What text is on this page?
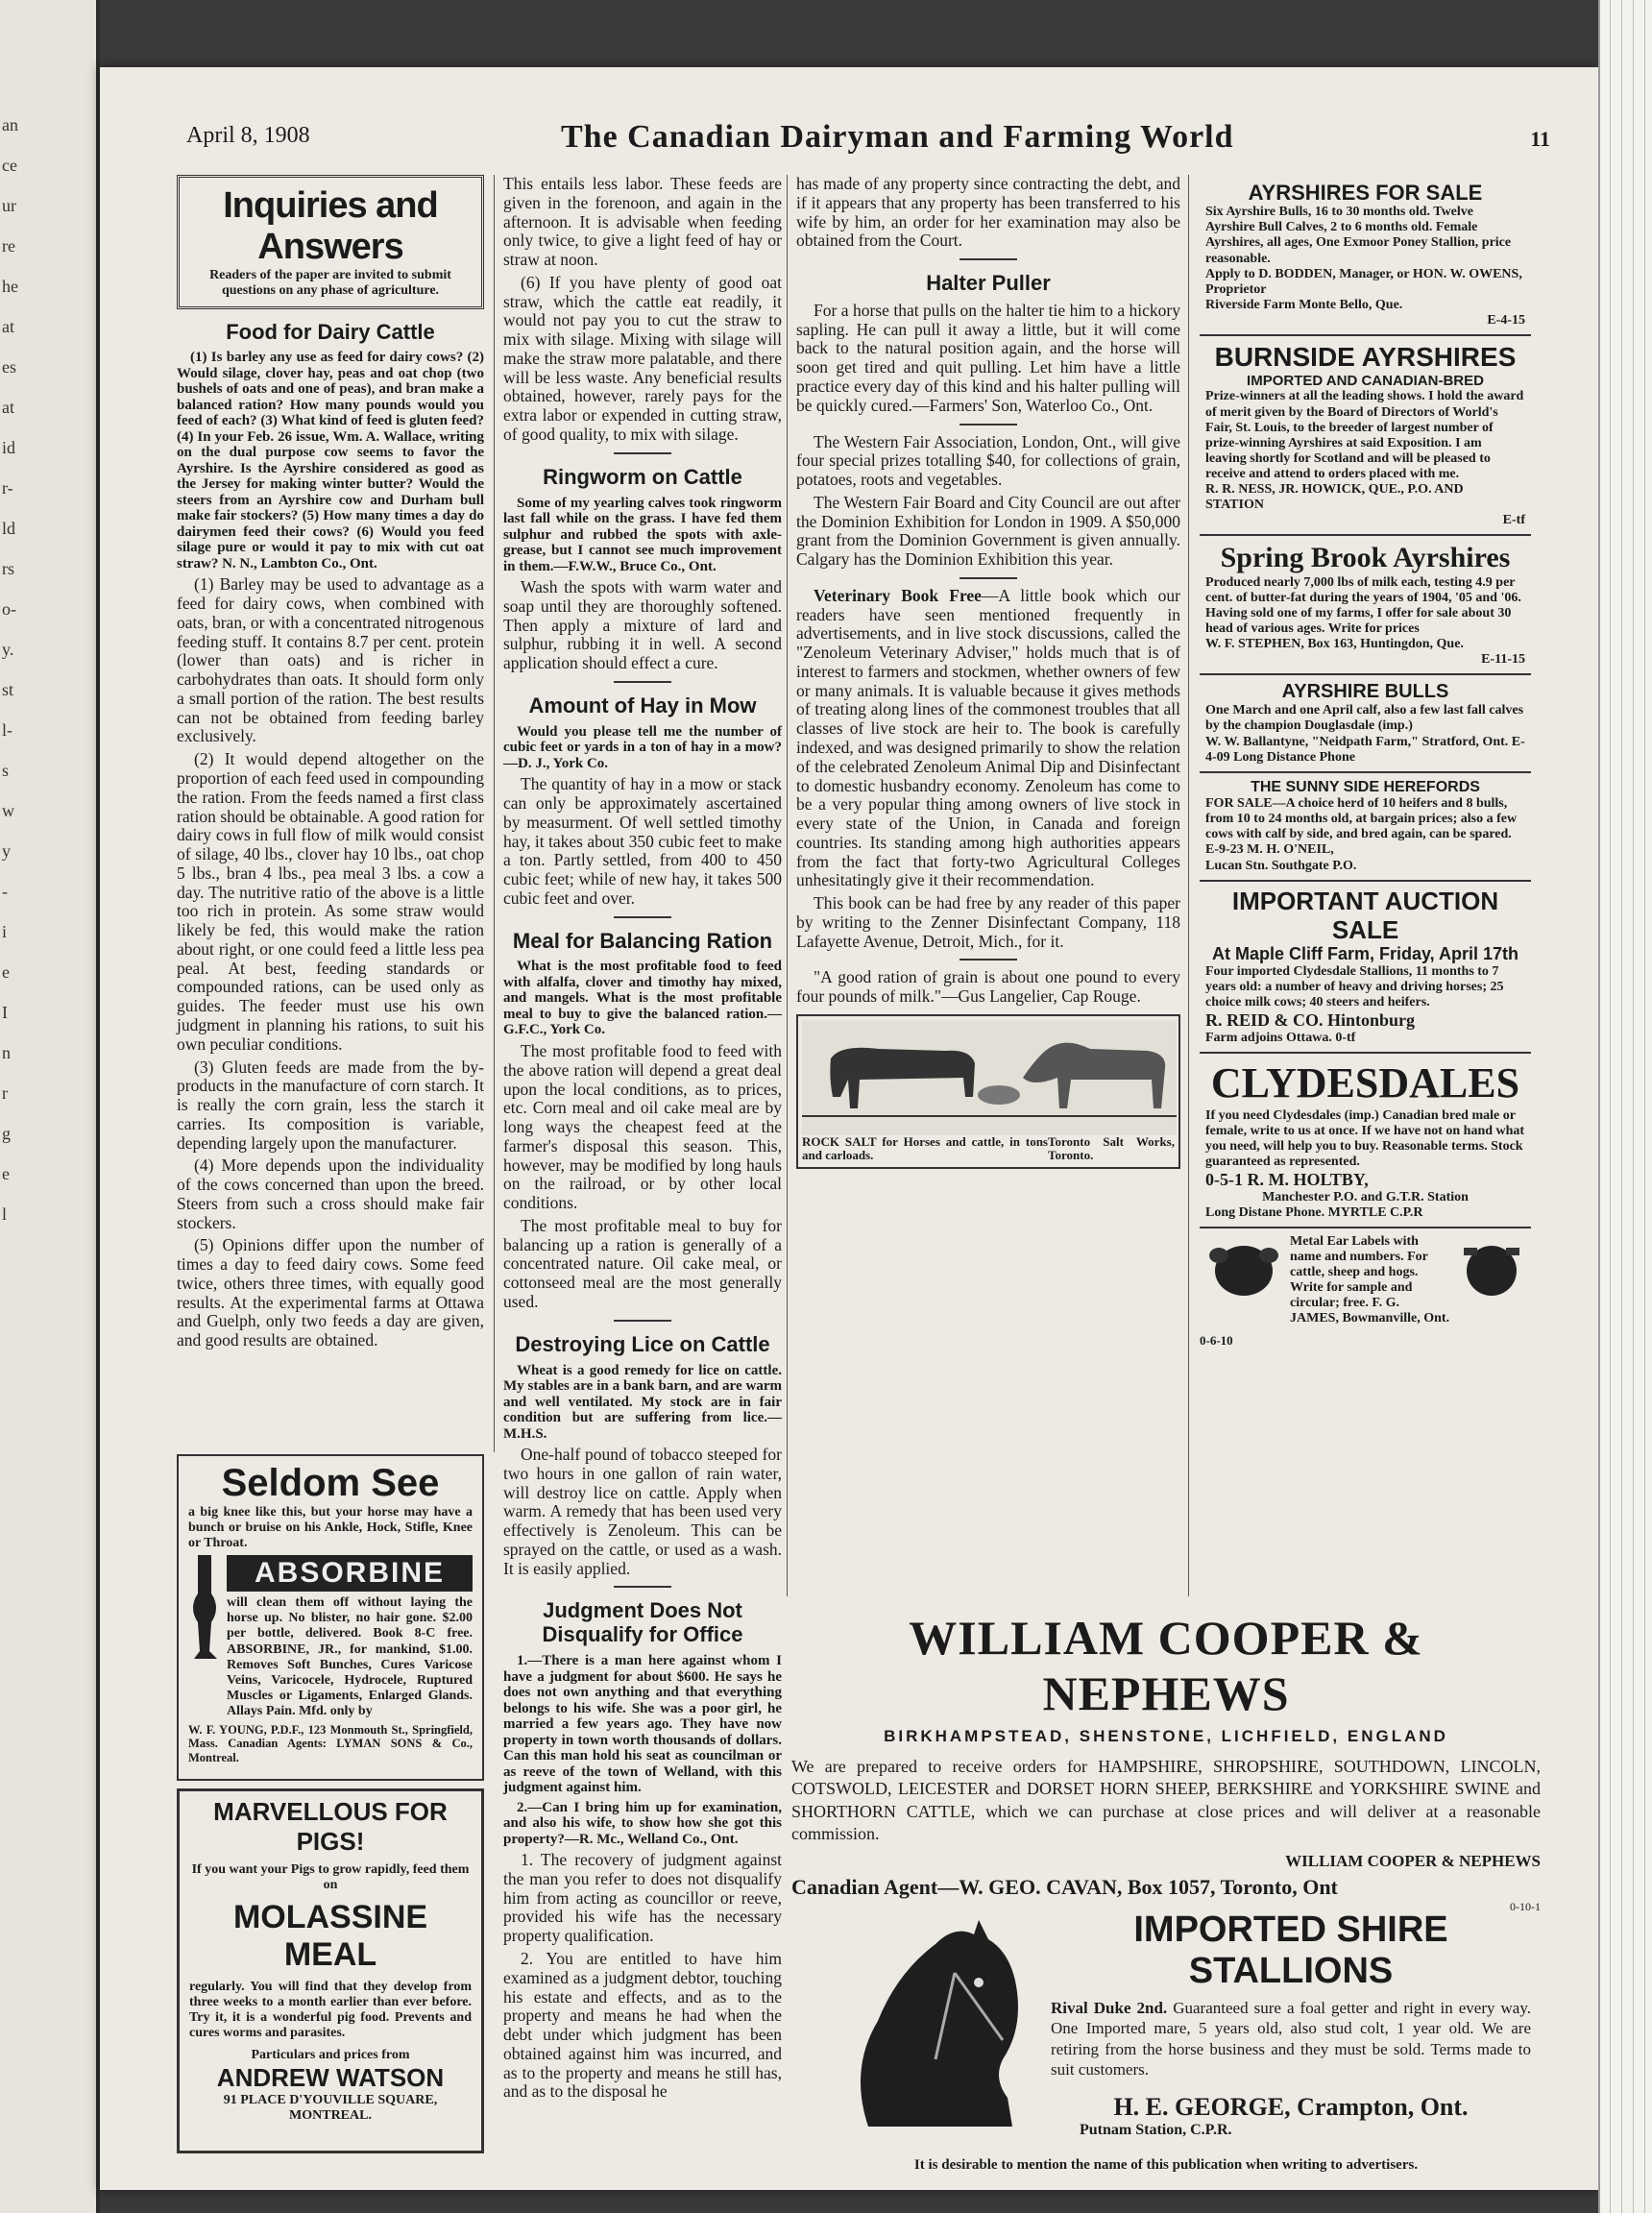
an
ce
ur
re
he
at
es
at
id
r-
ld
rs
o-
y.
st
l-
s
w
y
-
i
e
I
n
r
g
e
l
April 8, 1908	The Canadian Dairyman and Farming World	11
Inquiries and Answers
Readers of the paper are invited to submit questions on any phase of agriculture.
Food for Dairy Cattle

(1) Is barley any use as feed for dairy cows? (2) Would silage, clover hay, peas and oat chop (two bushels of oats and one of peas), and bran make a balanced ration? How many pounds would you feed of each? (3) What kind of feed is gluten feed? (4) In your Feb. 26 issue, Wm. A. Wallace, writing on the dual purpose cow seems to favor the Ayrshire. Is the Ayrshire considered as good as the Jersey for making winter butter? Would the steers from an Ayrshire cow and Durham bull make fair stockers? (5) How many times a day do dairymen feed their cows? (6) Would you feed silage pure or would it pay to mix with cut oat straw? N. N., Lambton Co., Ont.

(1) Barley may be used to advantage as a feed for dairy cows, when combined with oats, bran, or with a concentrated nitrogenous feeding stuff. It contains 8.7 per cent. protein (lower than oats) and is richer in carbohydrates than oats. It should form only a small portion of the ration. The best results can not be obtained from feeding barley exclusively.

(2) It would depend altogether on the proportion of each feed used in compounding the ration. From the feeds named a first class ration should be obtainable. A good ration for dairy cows in full flow of milk would consist of silage, 40 lbs., clover hay 10 lbs., oat chop 5 lbs., bran 4 lbs., pea meal 3 lbs. a cow a day. The nutritive ratio of the above is a little too rich in protein. As some straw would likely be fed, this would make the ration about right, or one could feed a little less pea peal. At best, feeding standards or compounded rations, can be used only as guides. The feeder must use his own judgment in planning his rations, to suit his own peculiar conditions.

(3) Gluten feeds are made from the by-products in the manufacture of corn starch. It is really the corn grain, less the starch it carries. Its composition is variable, depending largely upon the manufacturer.

(4) More depends upon the individuality of the cows concerned than upon the breed. Steers from such a cross should make fair stockers.

(5) Opinions differ upon the number of times a day to feed dairy cows. Some feed twice, others three times, with equally good results. At the experimental farms at Ottawa and Guelph, only two feeds a day are given, and good results are obtained.

Seldom See
a big knee like this, but your horse may have a bunch or bruise on his Ankle, Hock, Stifle, Knee or Throat.
ABSORBINE
will clean them off without laying the horse up. No blister, no hair gone. $2.00 per bottle, delivered. Book 8-C free. ABSORBINE, JR., for mankind, $1.00. Removes Soft Bunches, Cures Varicose Veins, Varicocele, Hydrocele, Ruptured Muscles or Ligaments, Enlarged Glands. Allays Pain. Mfd. only by
W. F. YOUNG, P.D.F., 123 Monmouth St., Springfield, Mass. Canadian Agents: LYMAN SONS & Co., Montreal.
MARVELLOUS FOR PIGS!
If you want your Pigs to grow rapidly, feed them on
MOLASSINE MEAL
regularly. You will find that they develop from three weeks to a month earlier than ever before. Try it, it is a wonderful pig food. Prevents and cures worms and parasites.
Particulars and prices from
ANDREW WATSON
91 PLACE D'YOUVILLE SQUARE, MONTREAL.

This entails less labor. These feeds are given in the forenoon, and again in the afternoon. It is advisable when feeding only twice, to give a light feed of hay or straw at noon.

(6) If you have plenty of good oat straw, which the cattle eat readily, it would not pay you to cut the straw to mix with silage. Mixing with silage will make the straw more palatable, and there will be less waste. Any beneficial results obtained, however, rarely pays for the extra labor or expended in cutting straw, of good quality, to mix with silage.

Ringworm on Cattle

Some of my yearling calves took ringworm last fall while on the grass. I have fed them sulphur and rubbed the spots with axle-grease, but I cannot see much improvement in them.—F.W.W., Bruce Co., Ont.

Wash the spots with warm water and soap until they are thoroughly softened. Then apply a mixture of lard and sulphur, rubbing it in well. A second application should effect a cure.

Amount of Hay in Mow

Would you please tell me the number of cubic feet or yards in a ton of hay in a mow?—D. J., York Co.

The quantity of hay in a mow or stack can only be approximately ascertained by measurment. Of well settled timothy hay, it takes about 350 cubic feet to make a ton. Partly settled, from 400 to 450 cubic feet; while of new hay, it takes 500 cubic feet and over.

Meal for Balancing Ration

What is the most profitable food to feed with alfalfa, clover and timothy hay mixed, and mangels. What is the most profitable meal to buy to give the balanced ration.—G.F.C., York Co.

The most profitable food to feed with the above ration will depend a great deal upon the local conditions, as to prices, etc. Corn meal and oil cake meal are by long ways the cheapest feed at the farmer's disposal this season. This, however, may be modified by long hauls on the railroad, or by other local conditions.

The most profitable meal to buy for balancing up a ration is generally of a concentrated nature. Oil cake meal, or cottonseed meal are the most generally used.

Destroying Lice on Cattle

Wheat is a good remedy for lice on cattle. My stables are in a bank barn, and are warm and well ventilated. My stock are in fair condition but are suffering from lice.—M.H.S.

One-half pound of tobacco steeped for two hours in one gallon of rain water, will destroy lice on cattle. Apply when warm. A remedy that has been used very effectively is Zenoleum. This can be sprayed on the cattle, or used as a wash. It is easily applied.

Judgment Does Not Disqualify for Office

1.—There is a man here against whom I have a judgment for about $600. He says he does not own anything and that everything belongs to his wife. She was a poor girl, he married a few years ago. They have now property in town worth thousands of dollars. Can this man hold his seat as councilman or as reeve of the town of Welland, with this judgment against him.

2.—Can I bring him up for examination, and also his wife, to show how she got this property?—R. Mc., Welland Co., Ont.

1. The recovery of judgment against the man you refer to does not disqualify him from acting as councillor or reeve, provided his wife has the necessary property qualification.

2. You are entitled to have him examined as a judgment debtor, touching his estate and effects, and as to the property and means he had when the debt under which judgment has been obtained against him was incurred, and as to the property and means he still has, and as to the disposal he

has made of any property since contracting the debt, and if it appears that any property has been transferred to his wife by him, an order for her examination may also be obtained from the Court.

Halter Puller

For a horse that pulls on the halter tie him to a hickory sapling. He can pull it away a little, but it will come back to the natural position again, and the horse will soon get tired and quit pulling. Let him have a little practice every day of this kind and his halter pulling will be quickly cured.—Farmers' Son, Waterloo Co., Ont.

The Western Fair Association, London, Ont., will give four special prizes totalling $40, for collections of grain, potatoes, roots and vegetables.

The Western Fair Board and City Council are out after the Dominion Exhibition for London in 1909. A $50,000 grant from the Dominion Government is given annually. Calgary has the Dominion Exhibition this year.

Veterinary Book Free—A little book which our readers have seen mentioned frequently in advertisements, and in live stock discussions, called the "Zenoleum Veterinary Adviser," holds much that is of interest to farmers and stockmen, whether owners of few or many animals. It is valuable because it gives methods of treating along lines of the commonest troubles that all classes of live stock are heir to. The book is carefully indexed, and was designed primarily to show the relation of the celebrated Zenoleum Animal Dip and Disinfectant to domestic husbandry economy. Zenoleum has come to be a very popular thing among owners of live stock in every state of the Union, in Canada and foreign countries. Its standing among high authorities appears from the fact that forty-two Agricultural Colleges unhesitatingly give it their recommendation.

This book can be had free by any reader of this paper by writing to the Zenner Disinfectant Company, 118 Lafayette Avenue, Detroit, Mich., for it.

"A good ration of grain is about one pound to every four pounds of milk."—Gus Langelier, Cap Rouge.

ROCK SALT for Horses and cattle, in tons and carloads.
Toronto Salt Works, Toronto.
AYRSHIRES FOR SALE
Six Ayrshire Bulls, 16 to 30 months old. Twelve Ayrshire Bull Calves, 2 to 6 months old. Female Ayrshires, all ages, One Exmoor Poney Stallion, price reasonable.
Apply to D. BODDEN, Manager, or HON. W. OWENS, Proprietor
Riverside Farm Monte Bello, Que.
E-4-15
BURNSIDE AYRSHIRES
IMPORTED AND CANADIAN-BRED
Prize-winners at all the leading shows. I hold the award of merit given by the Board of Directors of World's Fair, St. Louis, to the breeder of largest number of prize-winning Ayrshires at said Exposition. I am leaving shortly for Scotland and will be pleased to receive and attend to orders placed with me.
R. R. NESS, JR. HOWICK, QUE., P.O. AND STATION
E-tf
Spring Brook Ayrshires
Produced nearly 7,000 lbs of milk each, testing 4.9 per cent. of butter-fat during the years of 1904, '05 and '06. Having sold one of my farms, I offer for sale about 30 head of various ages. Write for prices
W. F. STEPHEN, Box 163, Huntingdon, Que.
E-11-15
AYRSHIRE BULLS
One March and one April calf, also a few last fall calves by the champion Douglasdale (imp.)
W. W. Ballantyne, "Neidpath Farm," Stratford, Ont. E-4-09 Long Distance Phone
THE SUNNY SIDE HEREFORDS
FOR SALE—A choice herd of 10 heifers and 8 bulls, from 10 to 24 months old, at bargain prices; also a few cows with calf by side, and bred again, can be spared.
E-9-23 M. H. O'NEIL,
Lucan Stn. Southgate P.O.
IMPORTANT AUCTION SALE
At Maple Cliff Farm, Friday, April 17th
Four imported Clydesdale Stallions, 11 months to 7 years old: a number of heavy and driving horses; 25 choice milk cows; 40 steers and heifers.
R. REID & CO. Hintonburg
Farm adjoins Ottawa. 0-tf
CLYDESDALES
If you need Clydesdales (imp.) Canadian bred male or female, write to us at once. If we have not on hand what you need, will help you to buy. Reasonable terms. Stock guaranteed as represented.
0-5-1 R. M. HOLTBY,
Manchester P.O. and G.T.R. Station
Long Distane Phone. MYRTLE C.P.R
Metal Ear Labels with name and numbers. For cattle, sheep and hogs. Write for sample and circular; free. F. G. JAMES, Bowmanville, Ont.
0-6-10
WILLIAM COOPER & NEPHEWS
BIRKHAMPSTEAD, SHENSTONE, LICHFIELD, ENGLAND
We are prepared to receive orders for HAMPSHIRE, SHROPSHIRE, SOUTHDOWN, LINCOLN, COTSWOLD, LEICESTER and DORSET HORN SHEEP, BERKSHIRE and YORKSHIRE SWINE and SHORTHORN CATTLE, which we can purchase at close prices and will deliver at a reasonable commission.
WILLIAM COOPER & NEPHEWS
Canadian Agent—W. GEO. CAVAN, Box 1057, Toronto, Ont
0-10-1
IMPORTED SHIRE STALLIONS
Rival Duke 2nd. Guaranteed sure a foal getter and right in every way. One Imported mare, 5 years old, also stud colt, 1 year old. We are retiring from the horse business and they must be sold. Terms made to suit customers.
H. E. GEORGE, Crampton, Ont.
Putnam Station, C.P.R.
It is desirable to mention the name of this publication when writing to advertisers.
